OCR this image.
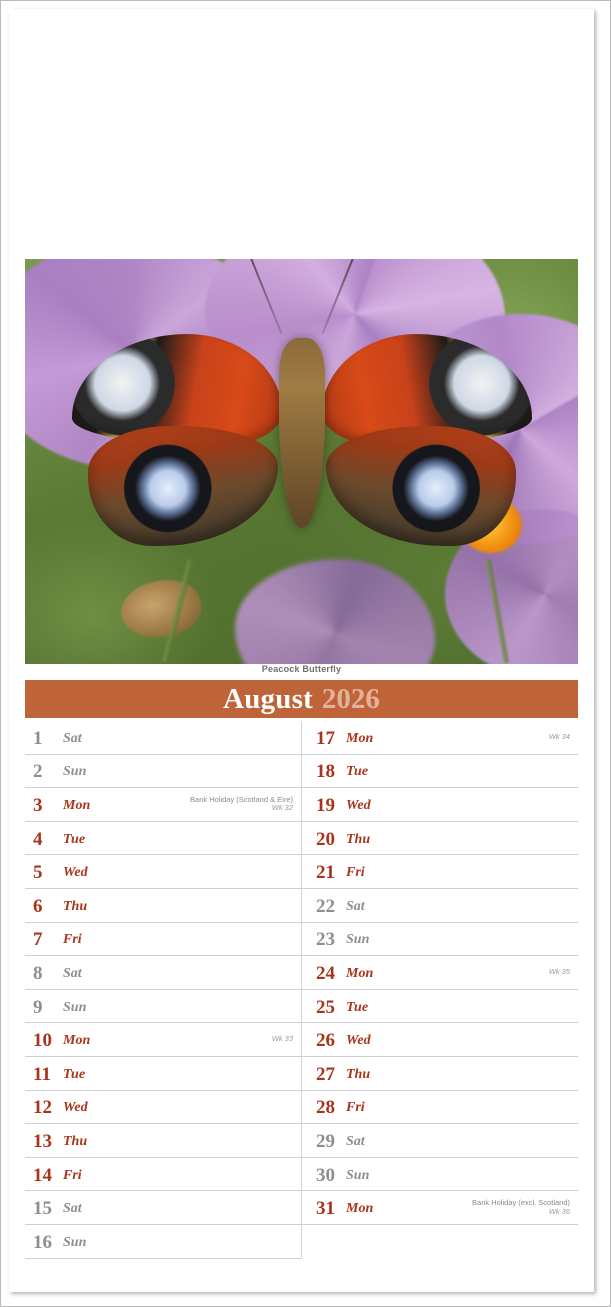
Peacock Butterfly
August 2026
1	Sat
2	Sun
3	Mon	Bank Holiday (Scotland & Eire)
Wk 32
4	Tue
5	Wed
6	Thu
7	Fri
8	Sat
9	Sun
10 Mon	Wk 33
11 Tue
12 Wed
13 Thu
14 Fri
15 Sat
16 Sun
17 Mon	Wk 34
18 Tue
19 Wed
20 Thu
21 Fri
22 Sat
23 Sun
24 Mon	Wk 35
25 Tue
26 Wed
27 Thu
28 Fri
29 Sat
30 Sun
31 Mon	Bank Holiday (excl. Scotland)
Wk 36
